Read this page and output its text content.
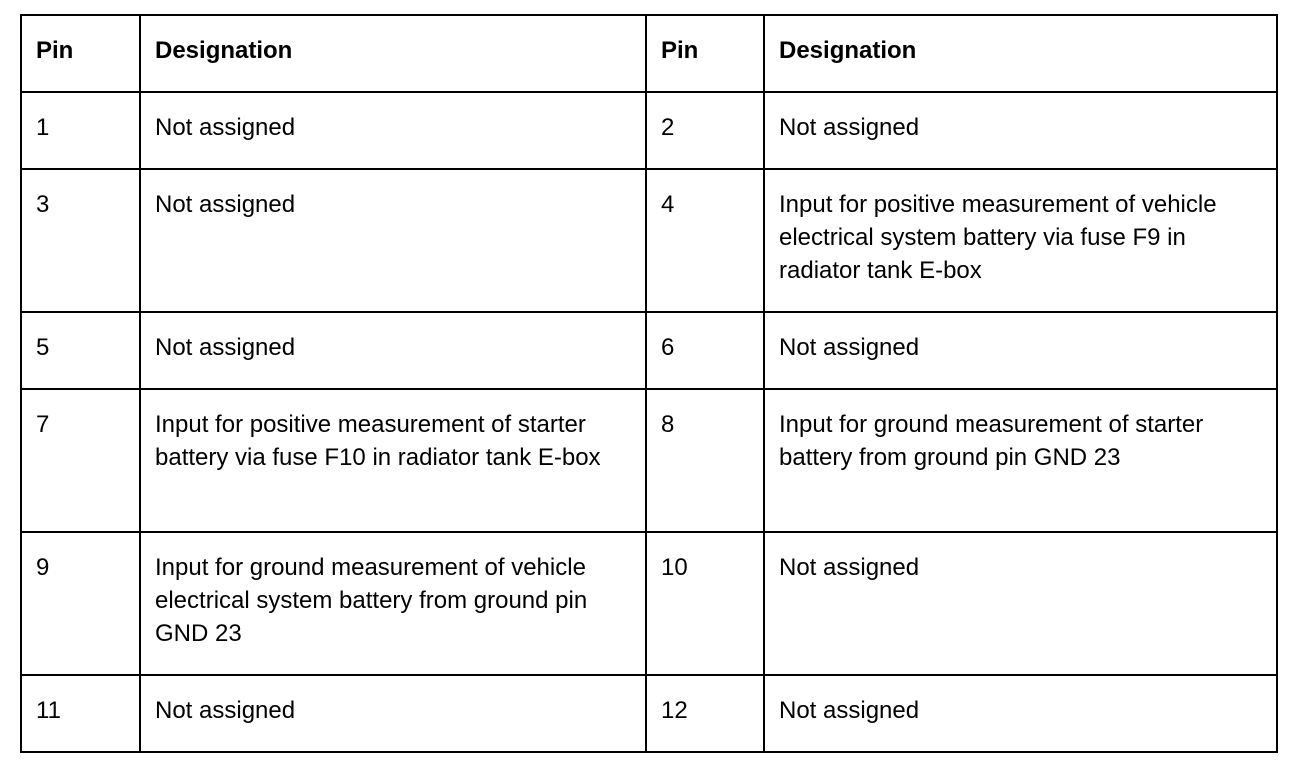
Pin	Designation	Pin	Designation
1	Not assigned	2	Not assigned
3	Not assigned	4	Input for positive measurement of vehicle electrical system battery via fuse F9 in radiator tank E-box
5	Not assigned	6	Not assigned
7	Input for positive measurement of starter battery via fuse F10 in radiator tank E-box	8	Input for ground measurement of starter battery from ground pin GND 23
9	Input for ground measurement of vehicle electrical system battery from ground pin GND 23	10	Not assigned
11	Not assigned	12	Not assigned
